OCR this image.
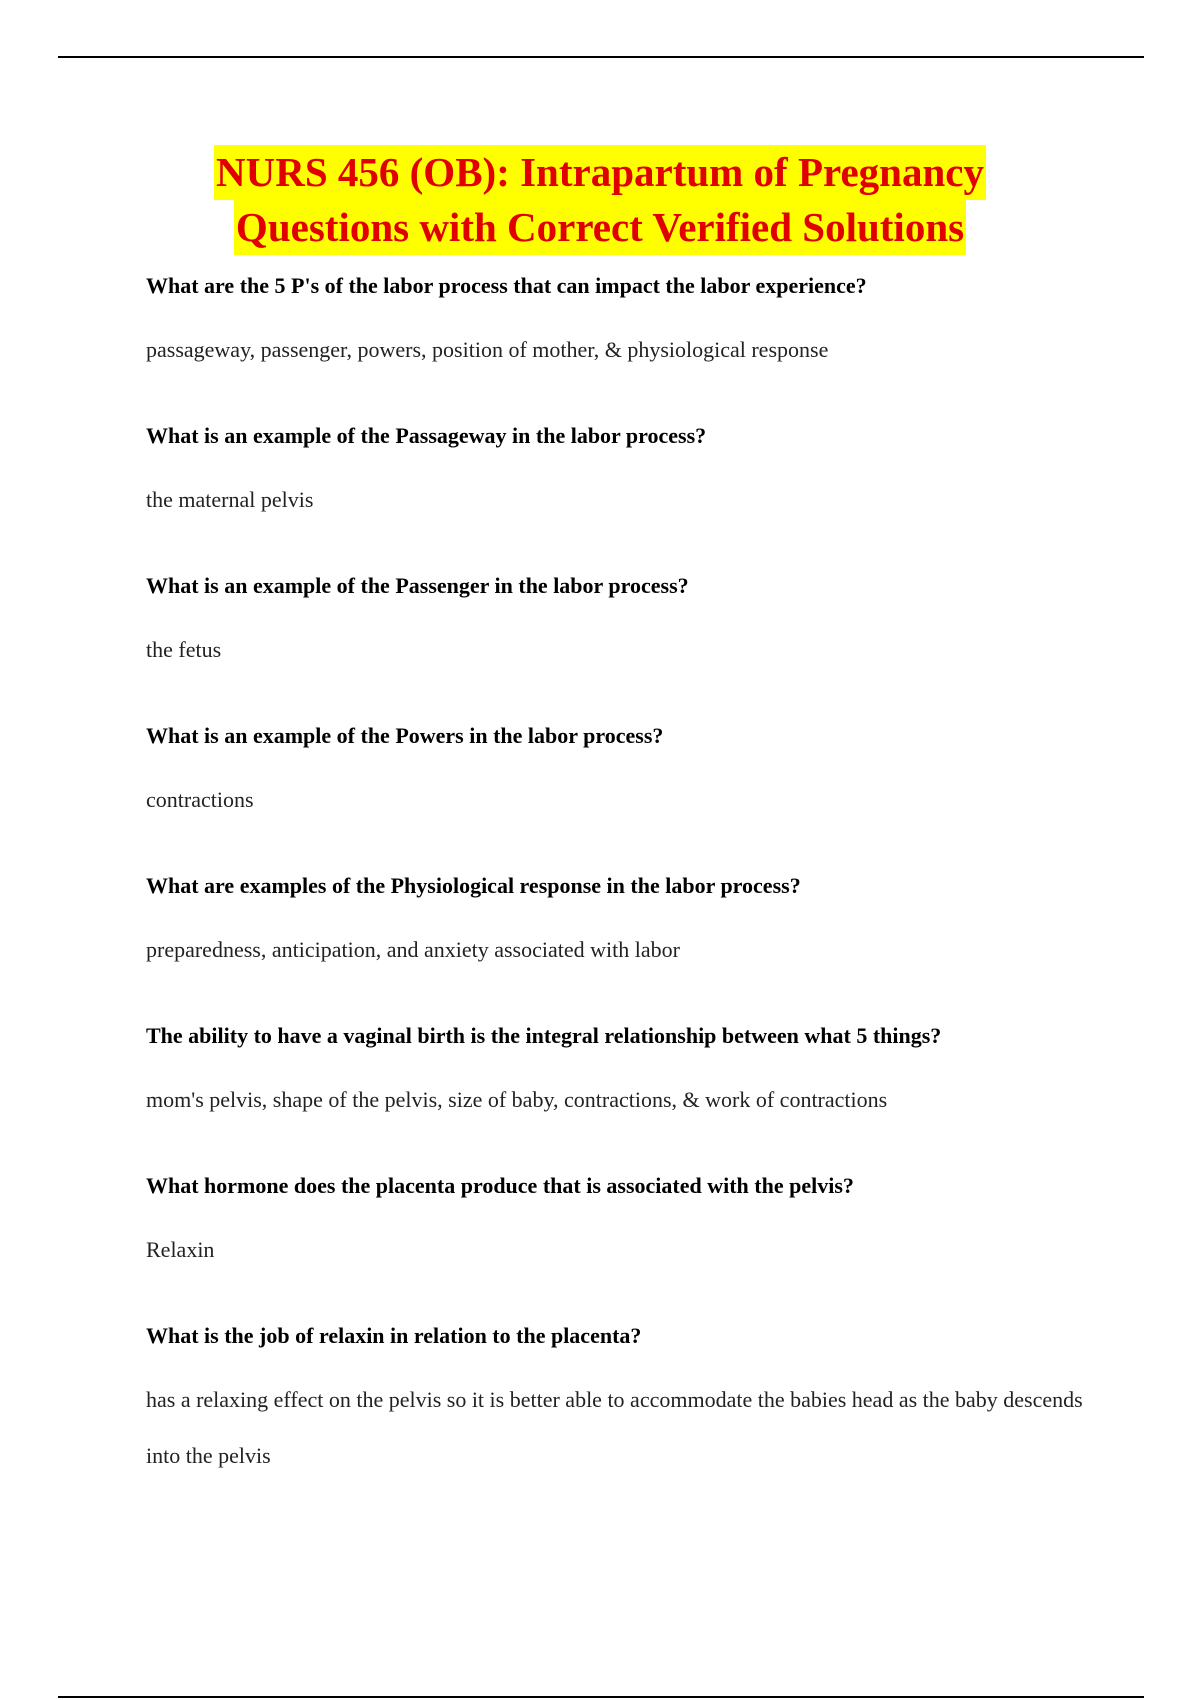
NURS 456 (OB): Intrapartum of Pregnancy
Questions with Correct Verified Solutions

What are the 5 P's of the labor process that can impact the labor experience?

passageway, passenger, powers, position of mother, & physiological response

What is an example of the Passageway in the labor process?

the maternal pelvis

What is an example of the Passenger in the labor process?

the fetus

What is an example of the Powers in the labor process?

contractions

What are examples of the Physiological response in the labor process?

preparedness, anticipation, and anxiety associated with labor

The ability to have a vaginal birth is the integral relationship between what 5 things?

mom's pelvis, shape of the pelvis, size of baby, contractions, & work of contractions

What hormone does the placenta produce that is associated with the pelvis?

Relaxin

What is the job of relaxin in relation to the placenta?

has a relaxing effect on the pelvis so it is better able to accommodate the babies head as the baby descends into the pelvis
